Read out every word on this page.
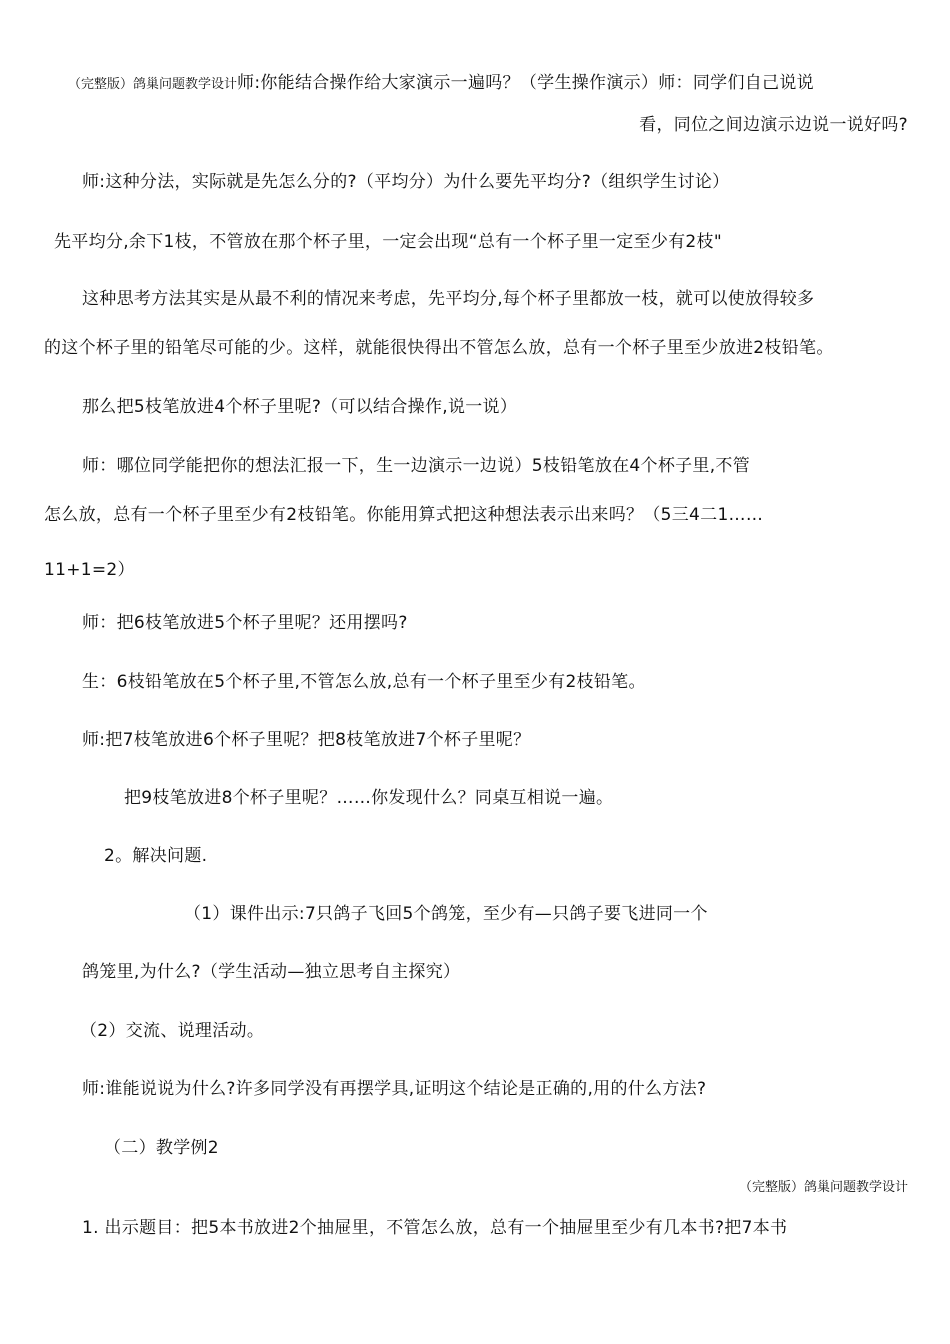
（完整版）鸽巢问题教学设计师:你能结合操作给大家演示一遍吗？（学生操作演示）师：同学们自己说说
看，同位之间边演示边说一说好吗?
师:这种分法，实际就是先怎么分的?（平均分）为什么要先平均分?（组织学生讨论）
先平均分,余下1枝，不管放在那个杯子里，一定会出现“总有一个杯子里一定至少有2枝"
这种思考方法其实是从最不利的情况来考虑，先平均分,每个杯子里都放一枝，就可以使放得较多
的这个杯子里的铅笔尽可能的少。这样，就能很快得出不管怎么放，总有一个杯子里至少放进2枝铅笔。
那么把5枝笔放进4个杯子里呢?（可以结合操作,说一说）
师：哪位同学能把你的想法汇报一下，生一边演示一边说）5枝铅笔放在4个杯子里,不管
怎么放，总有一个杯子里至少有2枝铅笔。你能用算式把这种想法表示出来吗？（5三4二1……
11+1=2）
师：把6枝笔放进5个杯子里呢？还用摆吗?
生：6枝铅笔放在5个杯子里,不管怎么放,总有一个杯子里至少有2枝铅笔。
师:把7枝笔放进6个杯子里呢？把8枝笔放进7个杯子里呢？
把9枝笔放进8个杯子里呢？……你发现什么？同桌互相说一遍。
2。解决问题.
（1）课件出示:7只鸽子飞回5个鸽笼，至少有—只鸽子要飞进同一个
鸽笼里,为什么?（学生活动—独立思考自主探究）
（2）交流、说理活动。
师:谁能说说为什么?许多同学没有再摆学具,证明这个结论是正确的,用的什么方法?
（二）教学例2
（完整版）鸽巢问题教学设计
1. 出示题目：把5本书放进2个抽屉里，不管怎么放，总有一个抽屉里至少有几本书?把7本书
